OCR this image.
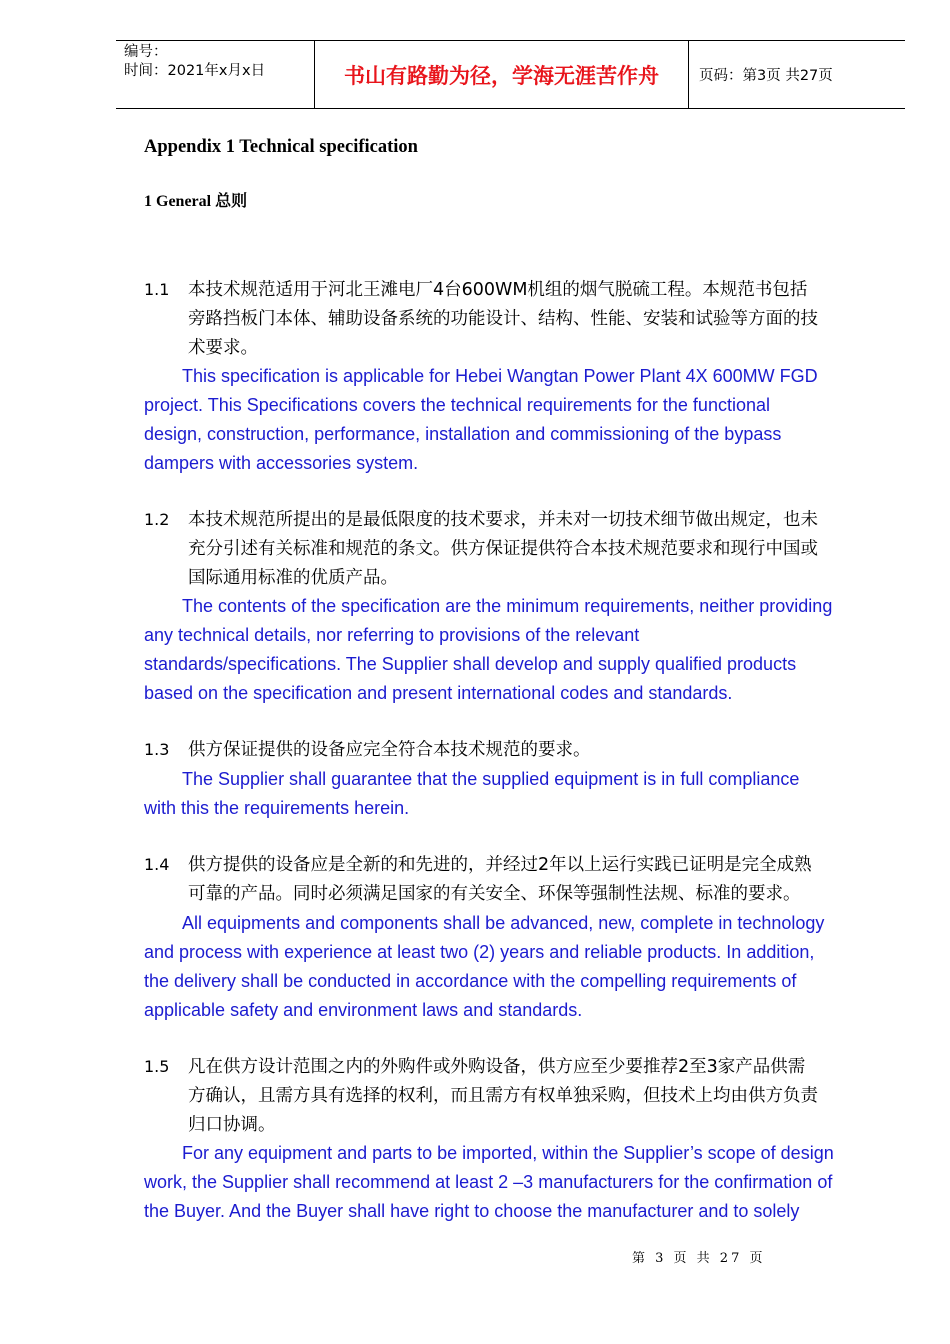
编号：
时间：2021年x月x日	书山有路勤为径，学海无涯苦作舟	页码：第3页 共27页
Appendix 1 Technical specification
1 General 总则
1.1 本技术规范适用于河北王滩电厂4台600WM机组的烟气脱硫工程。本规范书包括
旁路挡板门本体、辅助设备系统的功能设计、结构、性能、安装和试验等方面的技
术要求。
This specification is applicable for Hebei Wangtan Power Plant 4X 600MW FGD
project. This Specifications covers the technical requirements for the functional
design, construction, performance, installation and commissioning of the bypass
dampers with accessories system.
1.2 本技术规范所提出的是最低限度的技术要求，并未对一切技术细节做出规定，也未
充分引述有关标准和规范的条文。供方保证提供符合本技术规范要求和现行中国或
国际通用标准的优质产品。
The contents of the specification are the minimum requirements, neither providing
any technical details, nor referring to provisions of the relevant
standards/specifications. The Supplier shall develop and supply qualified products
based on the specification and present international codes and standards.
1.3 供方保证提供的设备应完全符合本技术规范的要求。
The Supplier shall guarantee that the supplied equipment is in full compliance
with this the requirements herein.
1.4 供方提供的设备应是全新的和先进的，并经过2年以上运行实践已证明是完全成熟
可靠的产品。同时必须满足国家的有关安全、环保等强制性法规、标准的要求。
All equipments and components shall be advanced, new, complete in technology
and process with experience at least two (2) years and reliable products. In addition,
the delivery shall be conducted in accordance with the compelling requirements of
applicable safety and environment laws and standards.
1.5 凡在供方设计范围之内的外购件或外购设备，供方应至少要推荐2至3家产品供需
方确认，且需方具有选择的权利，而且需方有权单独采购，但技术上均由供方负责
归口协调。
For any equipment and parts to be imported, within the Supplier’s scope of design
work, the Supplier shall recommend at least 2 –3 manufacturers for the confirmation of
the Buyer. And the Buyer shall have right to choose the manufacturer and to solely
第 3 页 共 27 页
